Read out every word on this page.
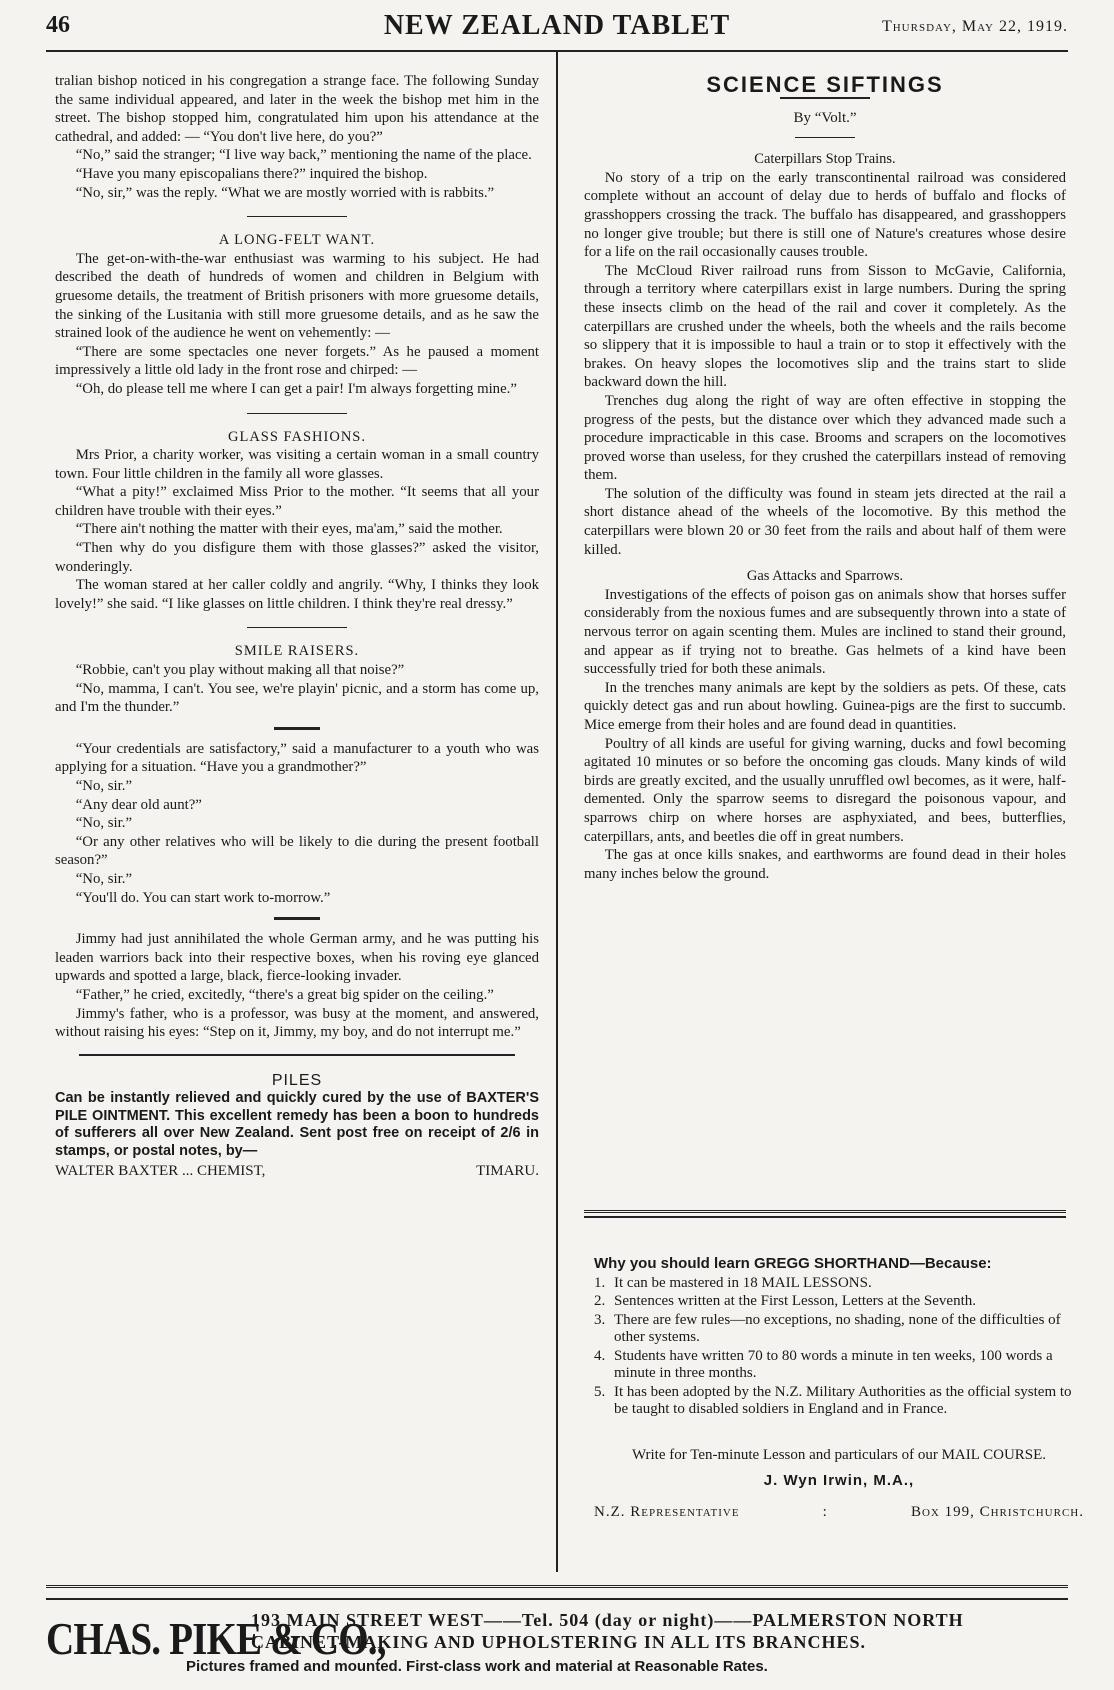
46	NEW ZEALAND TABLET	Thursday, May 22, 1919.

tralian bishop noticed in his congregation a strange face. The following Sunday the same individual appeared, and later in the week the bishop met him in the street. The bishop stopped him, congratulated him upon his attendance at the cathedral, and added: — “You don't live here, do you?”

“No,” said the stranger; “I live way back,” mentioning the name of the place.

“Have you many episcopalians there?” inquired the bishop.

“No, sir,” was the reply. “What we are mostly worried with is rabbits.”

A LONG-FELT WANT.

The get-on-with-the-war enthusiast was warming to his subject. He had described the death of hundreds of women and children in Belgium with gruesome details, the treatment of British prisoners with more gruesome details, the sinking of the Lusitania with still more gruesome details, and as he saw the strained look of the audience he went on vehemently: —

“There are some spectacles one never forgets.” As he paused a moment impressively a little old lady in the front rose and chirped: —

“Oh, do please tell me where I can get a pair! I'm always forgetting mine.”

GLASS FASHIONS.

Mrs Prior, a charity worker, was visiting a certain woman in a small country town. Four little children in the family all wore glasses.

“What a pity!” exclaimed Miss Prior to the mother. “It seems that all your children have trouble with their eyes.”

“There ain't nothing the matter with their eyes, ma'am,” said the mother.

“Then why do you disfigure them with those glasses?” asked the visitor, wonderingly.

The woman stared at her caller coldly and angrily. “Why, I thinks they look lovely!” she said. “I like glasses on little children. I think they're real dressy.”

SMILE RAISERS.

“Robbie, can't you play without making all that noise?”

“No, mamma, I can't. You see, we're playin' picnic, and a storm has come up, and I'm the thunder.”

“Your credentials are satisfactory,” said a manufacturer to a youth who was applying for a situation. “Have you a grandmother?”

“No, sir.”

“Any dear old aunt?”

“No, sir.”

“Or any other relatives who will be likely to die during the present football season?”

“No, sir.”

“You'll do. You can start work to-morrow.”

Jimmy had just annihilated the whole German army, and he was putting his leaden warriors back into their respective boxes, when his roving eye glanced upwards and spotted a large, black, fierce-looking invader.

“Father,” he cried, excitedly, “there's a great big spider on the ceiling.”

Jimmy's father, who is a professor, was busy at the moment, and answered, without raising his eyes: “Step on it, Jimmy, my boy, and do not interrupt me.”

PILES
Can be instantly relieved and quickly cured by the use of BAXTER'S PILE OINTMENT. This excellent remedy has been a boon to hundreds of sufferers all over New Zealand. Sent post free on receipt of 2/6 in stamps, or postal notes, by—
WALTER BAXTER ... CHEMIST,	TIMARU.
SCIENCE SIFTINGS
By “Volt.”
Caterpillars Stop Trains.

No story of a trip on the early transcontinental railroad was considered complete without an account of delay due to herds of buffalo and flocks of grasshoppers crossing the track. The buffalo has disappeared, and grasshoppers no longer give trouble; but there is still one of Nature's creatures whose desire for a life on the rail occasionally causes trouble.

The McCloud River railroad runs from Sisson to McGavie, California, through a territory where caterpillars exist in large numbers. During the spring these insects climb on the head of the rail and cover it completely. As the caterpillars are crushed under the wheels, both the wheels and the rails become so slippery that it is impossible to haul a train or to stop it effectively with the brakes. On heavy slopes the locomotives slip and the trains start to slide backward down the hill.

Trenches dug along the right of way are often effective in stopping the progress of the pests, but the distance over which they advanced made such a procedure impracticable in this case. Brooms and scrapers on the locomotives proved worse than useless, for they crushed the caterpillars instead of removing them.

The solution of the difficulty was found in steam jets directed at the rail a short distance ahead of the wheels of the locomotive. By this method the caterpillars were blown 20 or 30 feet from the rails and about half of them were killed.

Gas Attacks and Sparrows.

Investigations of the effects of poison gas on animals show that horses suffer considerably from the noxious fumes and are subsequently thrown into a state of nervous terror on again scenting them. Mules are inclined to stand their ground, and appear as if trying not to breathe. Gas helmets of a kind have been successfully tried for both these animals.

In the trenches many animals are kept by the soldiers as pets. Of these, cats quickly detect gas and run about howling. Guinea-pigs are the first to succumb. Mice emerge from their holes and are found dead in quantities.

Poultry of all kinds are useful for giving warning, ducks and fowl becoming agitated 10 minutes or so before the oncoming gas clouds. Many kinds of wild birds are greatly excited, and the usually unruffled owl becomes, as it were, half-demented. Only the sparrow seems to disregard the poisonous vapour, and sparrows chirp on where horses are asphyxiated, and bees, butterflies, caterpillars, ants, and beetles die off in great numbers.

The gas at once kills snakes, and earthworms are found dead in their holes many inches below the ground.

Why you should learn GREGG SHORTHAND—Because:
1. It can be mastered in 18 MAIL LESSONS.
2. Sentences written at the First Lesson, Letters at the Seventh.
3. There are few rules—no exceptions, no shading, none of the difficulties of other systems.
4. Students have written 70 to 80 words a minute in ten weeks, 100 words a minute in three months.
5. It has been adopted by the N.Z. Military Authorities as the official system to be taught to disabled soldiers in England and in France.
Write for Ten-minute Lesson and particulars of our MAIL COURSE.
J. Wyn Irwin, M.A.,
N.Z. Representative	:	Box 199, Christchurch.
CHAS. PIKE & CO.,
193 MAIN STREET WEST——Tel. 504 (day or night)——PALMERSTON NORTH
CABINET-MAKING AND UPHOLSTERING IN ALL ITS BRANCHES.
Pictures framed and mounted. First-class work and material at Reasonable Rates.
